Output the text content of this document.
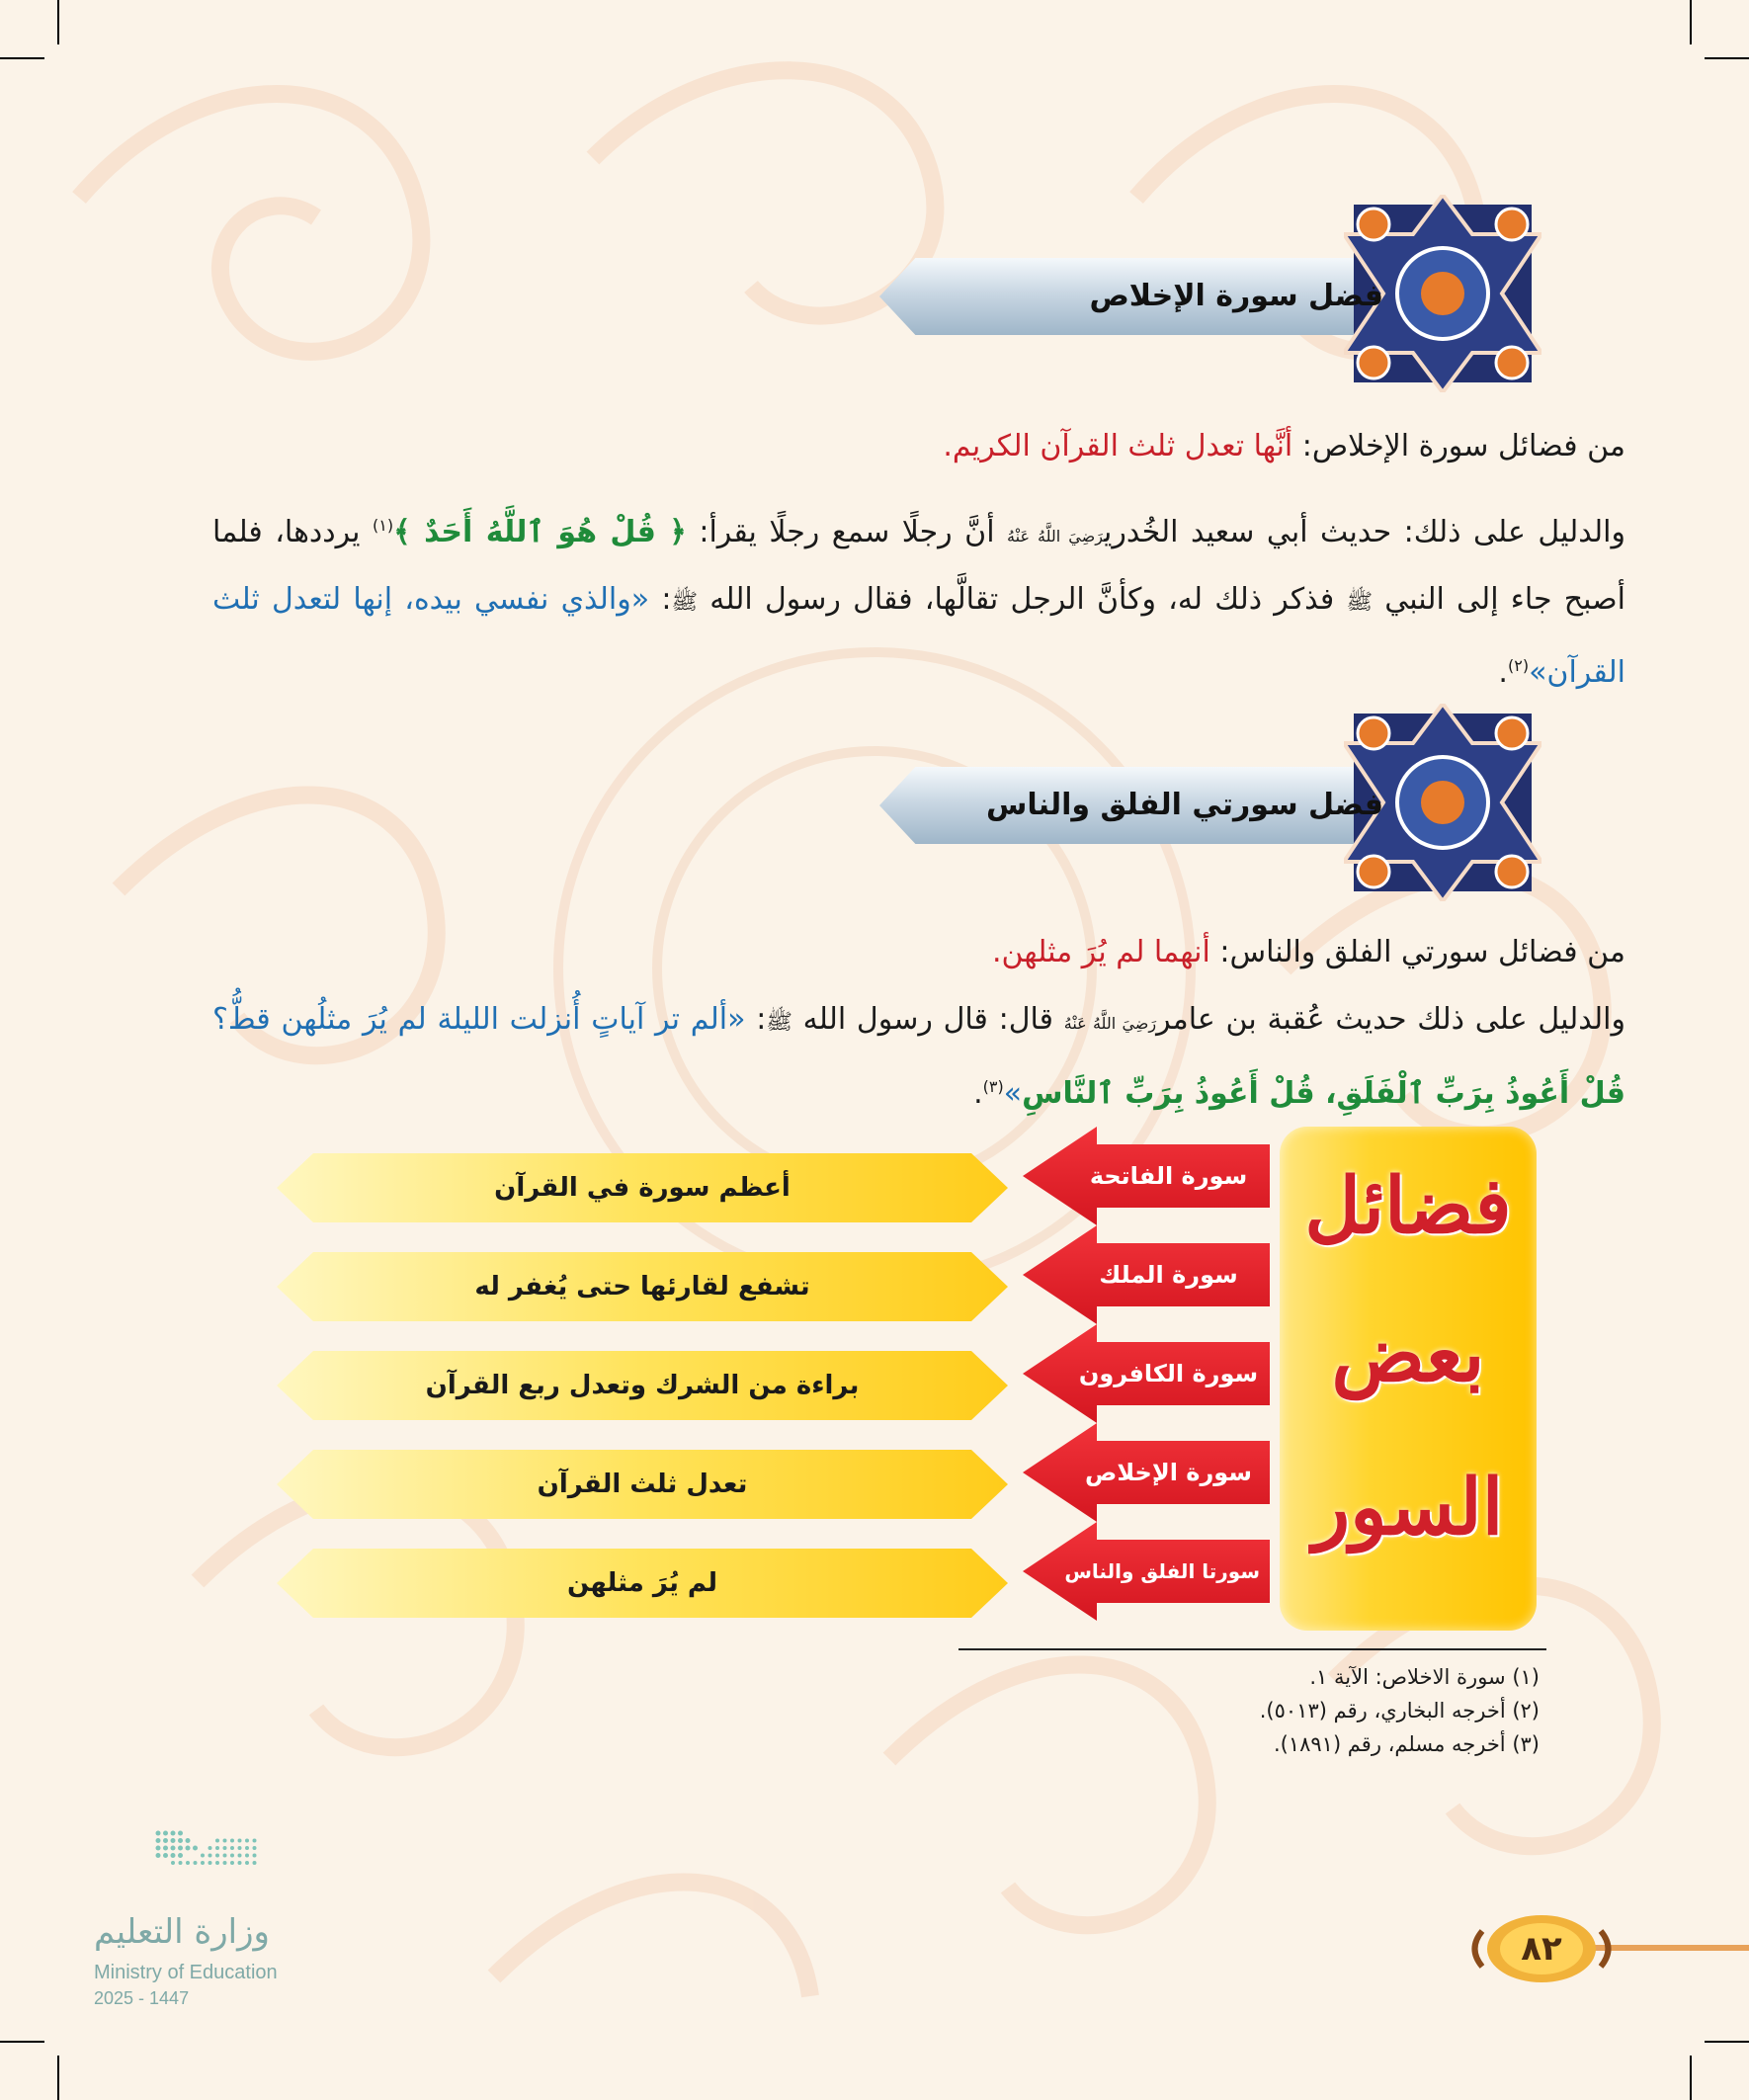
فضل سورة الإخلاص
من فضائل سورة الإخلاص: أنَّها تعدل ثلث القرآن الكريم.
والدليل على ذلك: حديث أبي سعيد الخُدريرَضِيَ اللَّهُ عَنْهُ أنَّ رجلًا سمع رجلًا يقرأ: ﴿ قُلْ هُوَ ٱللَّهُ أَحَدٌ ﴾$^{(١)}$ يرددها، فلما أصبح جاء إلى النبي ﷺ فذكر ذلك له، وكأنَّ الرجل تقالَّها، فقال رسول الله ﷺ: «والذي نفسي بيده، إنها لتعدل ثلث القرآن»$^{(٢)}$.
فضل سورتي الفلق والناس
من فضائل سورتي الفلق والناس: أنهما لم يُرَ مثلهن.
والدليل على ذلك حديث عُقبة بن عامررَضِيَ اللَّهُ عَنْهُ قال: قال رسول الله ﷺ: «ألم تر آياتٍ أُنزلت الليلة لم يُرَ مثلُهن قطُّ؟ قُلْ أَعُوذُ بِرَبِّ ٱلْفَلَقِ، قُلْ أَعُوذُ بِرَبِّ ٱلنَّاسِ»$^{(٣)}$.
فضائل
بعض
السور
أعظم سورة في القرآن	سورة الفاتحة
تشفع لقارئها حتى يُغفر له	سورة الملك
براءة من الشرك وتعدل ربع القرآن	سورة الكافرون
تعدل ثلث القرآن	سورة الإخلاص
لم يُرَ مثلهن	سورتا الفلق والناس
(١) سورة الاخلاص: الآية ١.
(٢) أخرجه البخاري، رقم (٥٠١٣).
(٣) أخرجه مسلم، رقم (١٨٩١).
وزارة التعليم
Ministry of Education
2025 - 1447
٨٢
